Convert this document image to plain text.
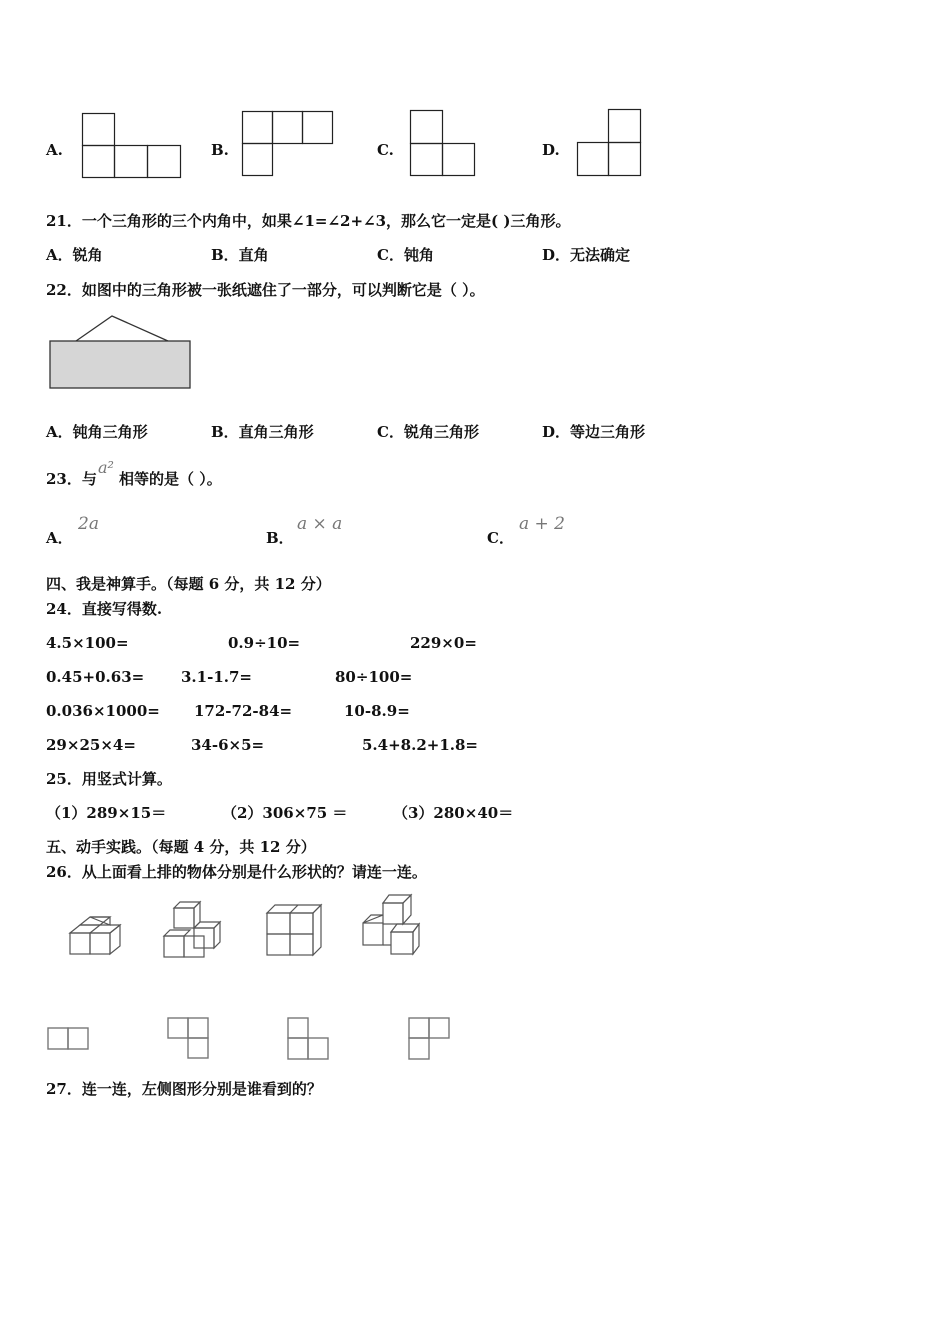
A.	B.	C.	D.
21．一个三角形的三个内角中，如果∠1=∠2+∠3，那么它一定是( )三角形。
A．锐角	B．直角	C．钝角	D．无法确定
22．如图中的三角形被一张纸遮住了一部分，可以判断它是（ ）。
A．钝角三角形	B．直角三角形	C．锐角三角形	D．等边三角形
23．与
a²
相等的是（ ）。
A．
2a
B．
a × a
C．
a + 2
四、我是神算手。（每题 6 分，共 12 分）
24．直接写得数.
4.5×100=	0.9÷10=	229×0=
0.45+0.63= 3.1-1.7=	80÷100=
0.036×1000= 172-72-84=	10-8.9=
29×25×4=	34-6×5=	5.4+8.2+1.8=
25．用竖式计算。
（1）289×15＝	（2）306×75 ＝	（3）280×40＝
五、动手实践。（每题 4 分，共 12 分）
26．从上面看上排的物体分别是什么形状的？请连一连。
27．连一连，左侧图形分别是谁看到的？
